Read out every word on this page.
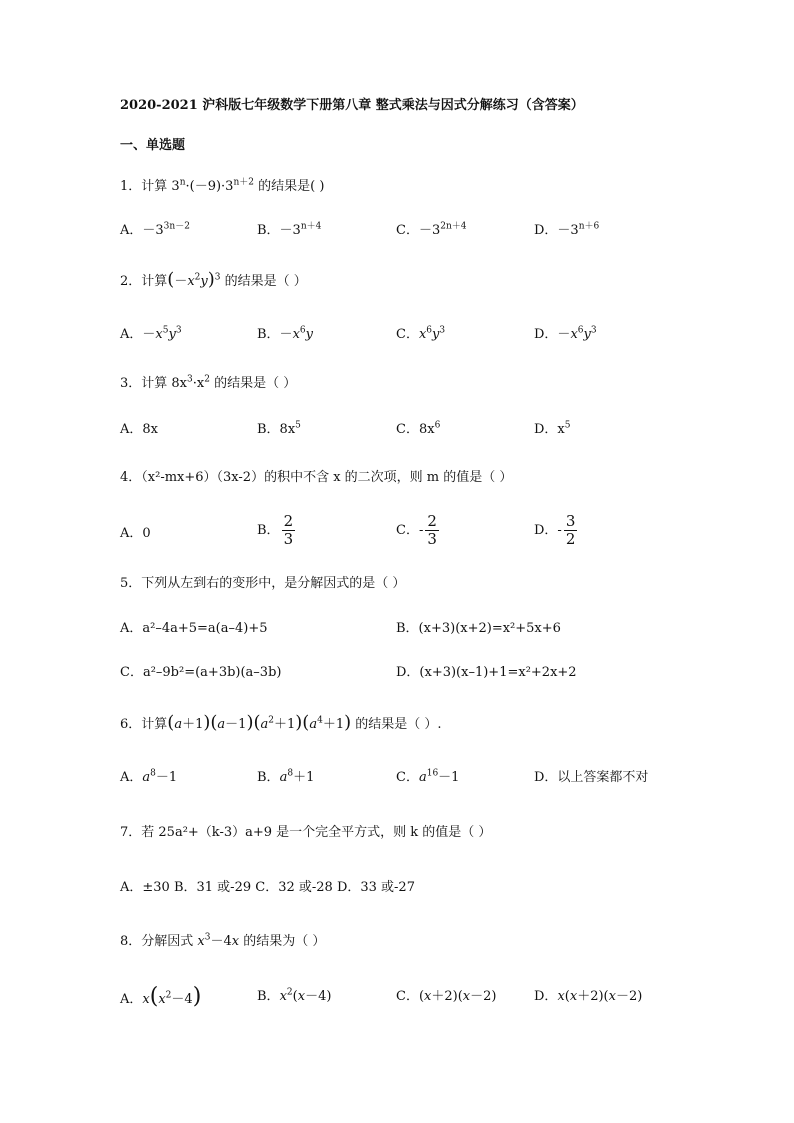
2020-2021 沪科版七年级数学下册第八章 整式乘法与因式分解练习（含答案）
一、单选题
1．计算 $3^n\cdot(-9)\cdot 3^{n+2}$ 的结果是( )
A．$-3^{3n-2}$	B．$-3^{n+4}$	C．$-3^{2n+4}$	D．$-3^{n+6}$
2．计算$(-x^2y)^3$ 的结果是（ ）
A．$-x^5y^3$	B．$-x^6y$	C．$x^6y^3$	D．$-x^6y^3$
3．计算 $8x^3\cdot x^2$ 的结果是（ ）
A．8x	B．$8x^5$	C．$8x^6$	D．$x^5$
4．（x²-mx+6）（3x-2）的积中不含 x 的二次项，则 m 的值是（ ）
A．0	B． $\frac{2}{3}$	C．- $\frac{2}{3}$	D．- $\frac{3}{2}$
5．下列从左到右的变形中，是分解因式的是（ ）
A．a²–4a+5=a(a–4)+5	B．(x+3)(x+2)=x²+5x+6
C．a²–9b²=(a+3b)(a–3b)	D．(x+3)(x–1)+1=x²+2x+2
6．计算$(a+1)(a-1)(a^2+1)(a^4+1)$ 的结果是（ ）.
A．$a^8-1$	B．$a^8+1$	C．$a^{16}-1$	D．以上答案都不对
7．若 25a²+（k-3）a+9 是一个完全平方式，则 k 的值是（ ）
A．±30 B．31 或-29 C．32 或-28 D．33 或-27
8．分解因式 $x^3-4x$ 的结果为（ ）
A．$x(x^2-4)$	B．$x^2(x-4)$	C．(x＋2)(x－2)	D．x(x＋2)(x－2)
